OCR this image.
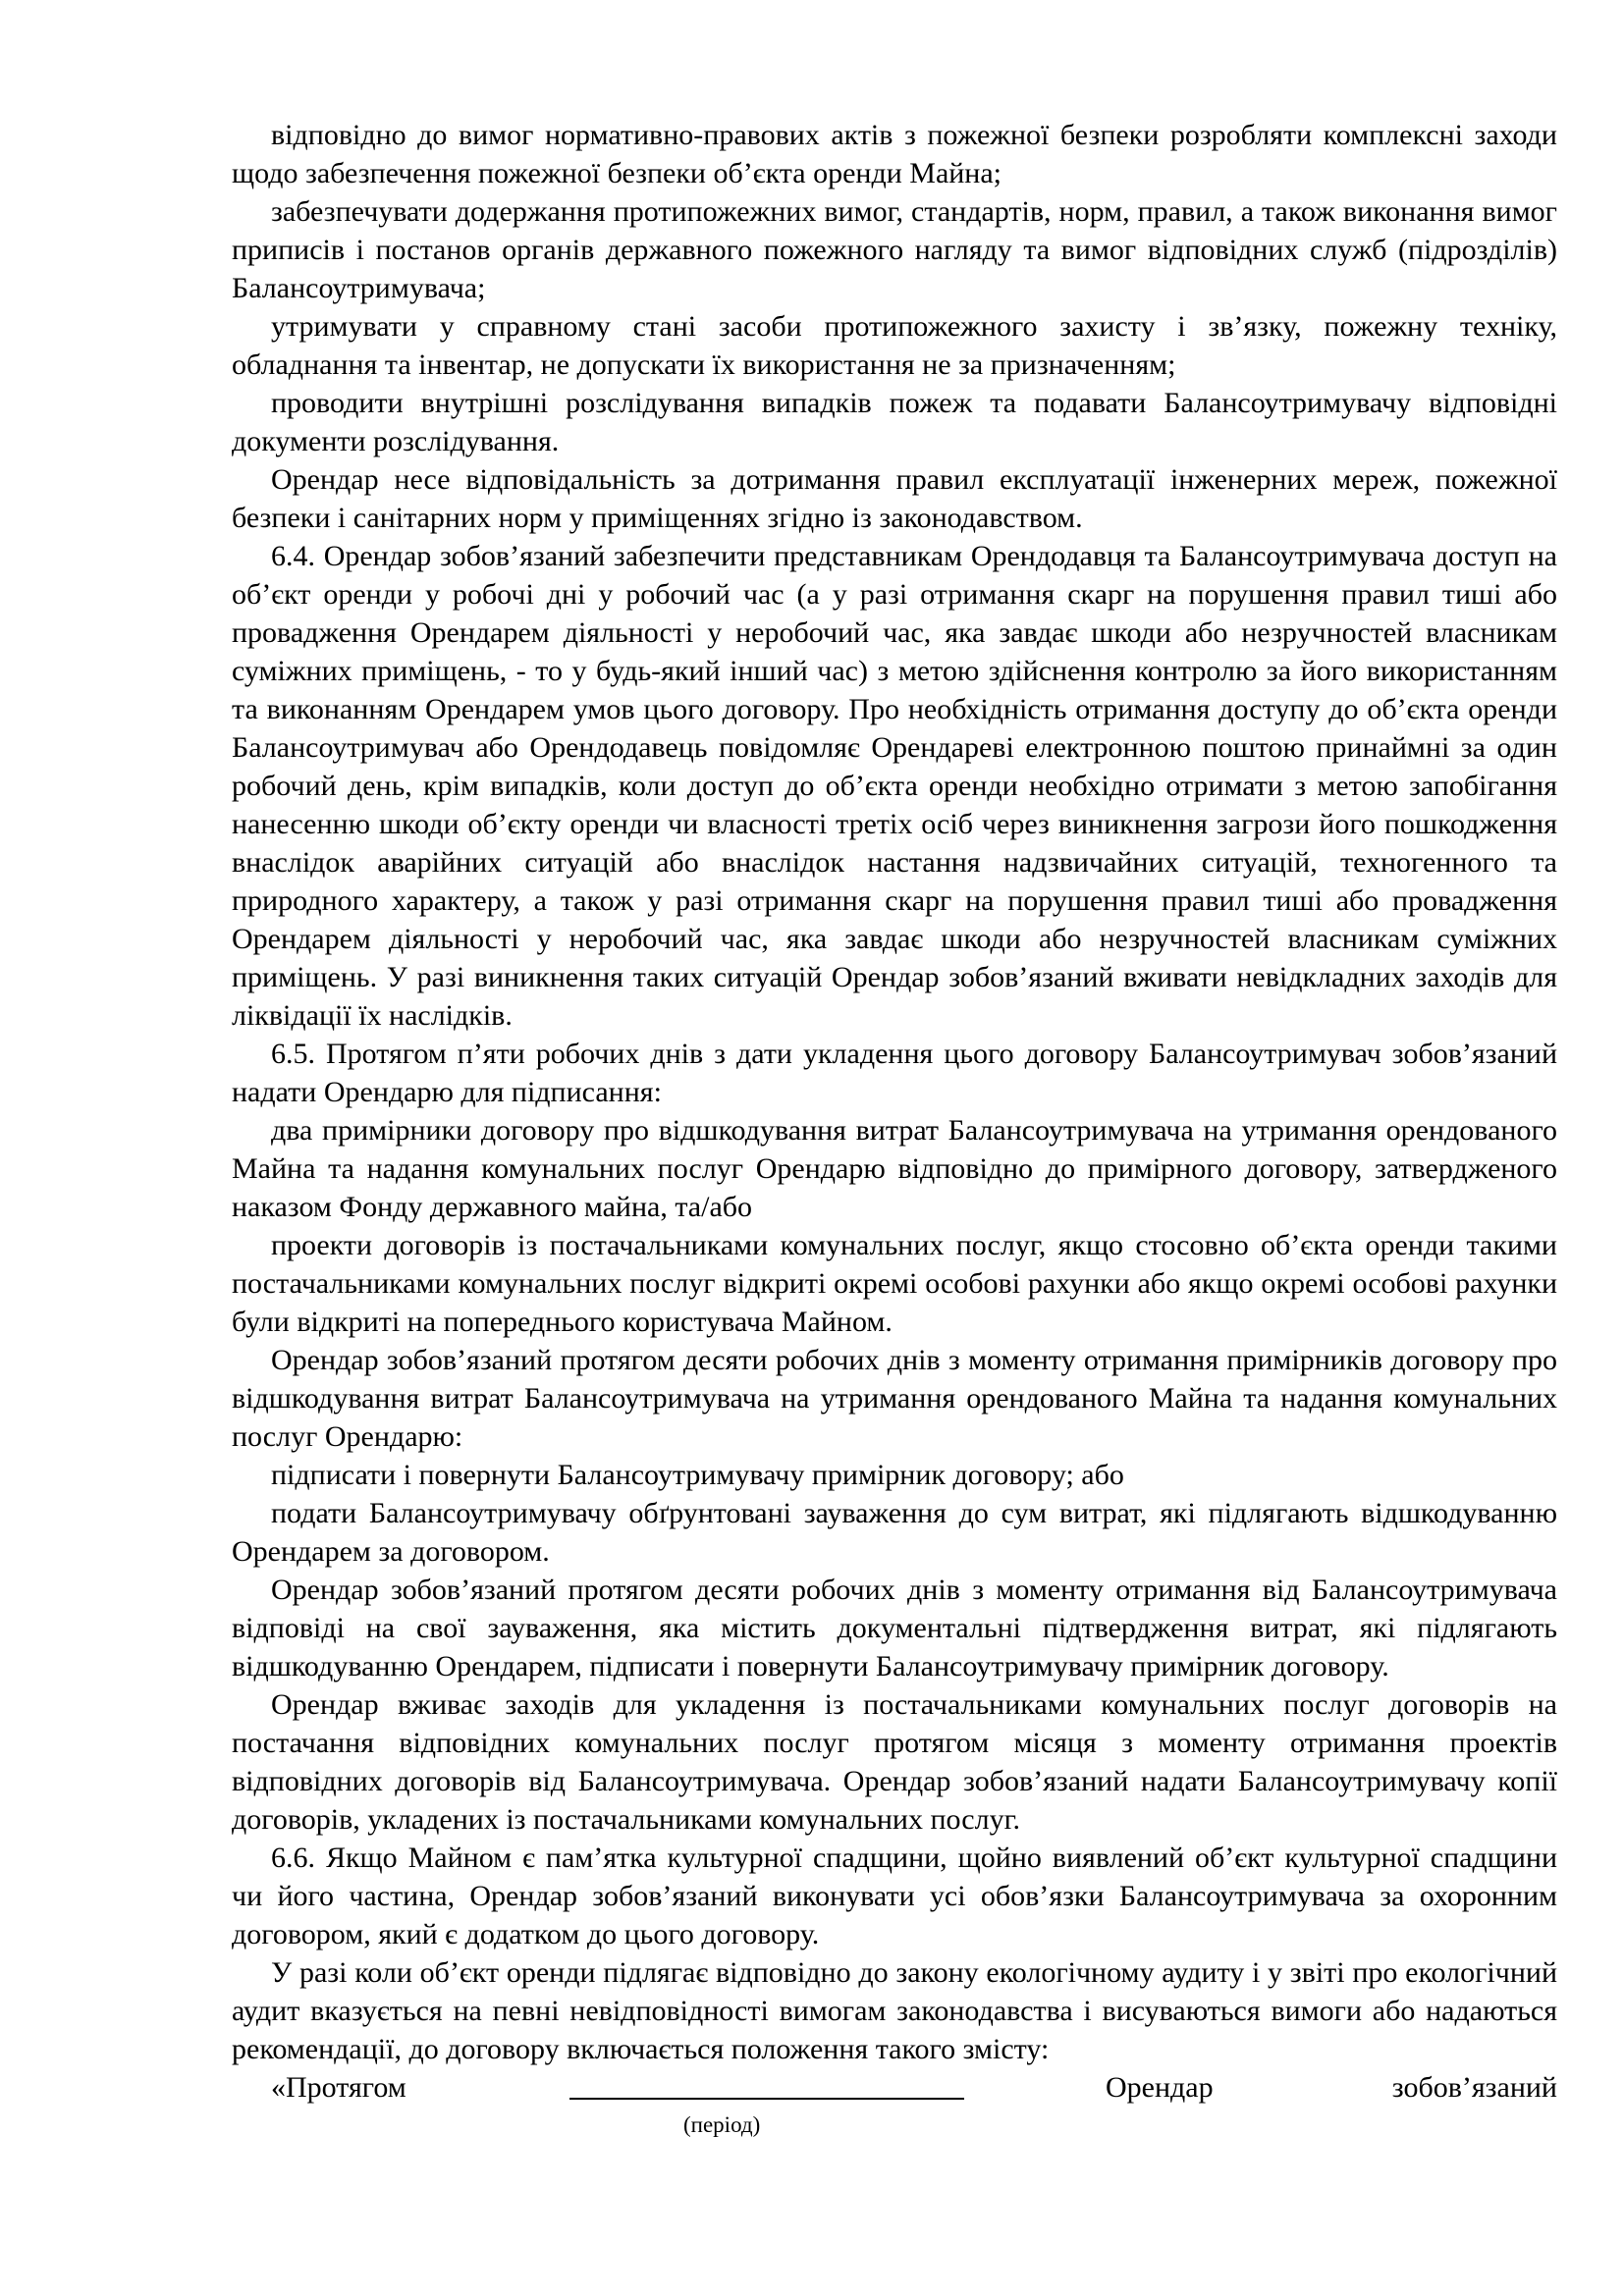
відповідно до вимог нормативно-правових актів з пожежної безпеки розробляти комплексні заходи щодо забезпечення пожежної безпеки об’єкта оренди Майна;

забезпечувати додержання протипожежних вимог, стандартів, норм, правил, а також виконання вимог приписів і постанов органів державного пожежного нагляду та вимог відповідних служб (підрозділів) Балансоутримувача;

утримувати у справному стані засоби протипожежного захисту і зв’язку, пожежну техніку, обладнання та інвентар, не допускати їх використання не за призначенням;

проводити внутрішні розслідування випадків пожеж та подавати Балансоутримувачу відповідні документи розслідування.

Орендар несе відповідальність за дотримання правил експлуатації інженерних мереж, пожежної безпеки і санітарних норм у приміщеннях згідно із законодавством.

6.4. Орендар зобов’язаний забезпечити представникам Орендодавця та Балансоутримувача доступ на об’єкт оренди у робочі дні у робочий час (а у разі отримання скарг на порушення правил тиші або провадження Орендарем діяльності у неробочий час, яка завдає шкоди або незручностей власникам суміжних приміщень, - то у будь-який інший час) з метою здійснення контролю за його використанням та виконанням Орендарем умов цього договору. Про необхідність отримання доступу до об’єкта оренди Балансоутримувач або Орендодавець повідомляє Орендареві електронною поштою принаймні за один робочий день, крім випадків, коли доступ до об’єкта оренди необхідно отримати з метою запобігання нанесенню шкоди об’єкту оренди чи власності третіх осіб через виникнення загрози його пошкодження внаслідок аварійних ситуацій або внаслідок настання надзвичайних ситуацій, техногенного та природного характеру, а також у разі отримання скарг на порушення правил тиші або провадження Орендарем діяльності у неробочий час, яка завдає шкоди або незручностей власникам суміжних приміщень. У разі виникнення таких ситуацій Орендар зобов’язаний вживати невідкладних заходів для ліквідації їх наслідків.

6.5. Протягом п’яти робочих днів з дати укладення цього договору Балансоутримувач зобов’язаний надати Орендарю для підписання:

два примірники договору про відшкодування витрат Балансоутримувача на утримання орендованого Майна та надання комунальних послуг Орендарю відповідно до примірного договору, затвердженого наказом Фонду державного майна, та/або

проекти договорів із постачальниками комунальних послуг, якщо стосовно об’єкта оренди такими постачальниками комунальних послуг відкриті окремі особові рахунки або якщо окремі особові рахунки були відкриті на попереднього користувача Майном.

Орендар зобов’язаний протягом десяти робочих днів з моменту отримання примірників договору про відшкодування витрат Балансоутримувача на утримання орендованого Майна та надання комунальних послуг Орендарю:

підписати і повернути Балансоутримувачу примірник договору; або

подати Балансоутримувачу обґрунтовані зауваження до сум витрат, які підлягають відшкодуванню Орендарем за договором.

Орендар зобов’язаний протягом десяти робочих днів з моменту отримання від Балансоутримувача відповіді на свої зауваження, яка містить документальні підтвердження витрат, які підлягають відшкодуванню Орендарем, підписати і повернути Балансоутримувачу примірник договору.

Орендар вживає заходів для укладення із постачальниками комунальних послуг договорів на постачання відповідних комунальних послуг протягом місяця з моменту отримання проектів відповідних договорів від Балансоутримувача. Орендар зобов’язаний надати Балансоутримувачу копії договорів, укладених із постачальниками комунальних послуг.

6.6. Якщо Майном є пам’ятка культурної спадщини, щойно виявлений об’єкт культурної спадщини чи його частина, Орендар зобов’язаний виконувати усі обов’язки Балансоутримувача за охоронним договором, який є додатком до цього договору.

У разі коли об’єкт оренди підлягає відповідно до закону екологічному аудиту і у звіті про екологічний аудит вказується на певні невідповідності вимогам законодавства і висуваються вимоги або надаються рекомендації, до договору включається положення такого змісту:

«Протягом	Орендар	зобов’язаний
(період)
